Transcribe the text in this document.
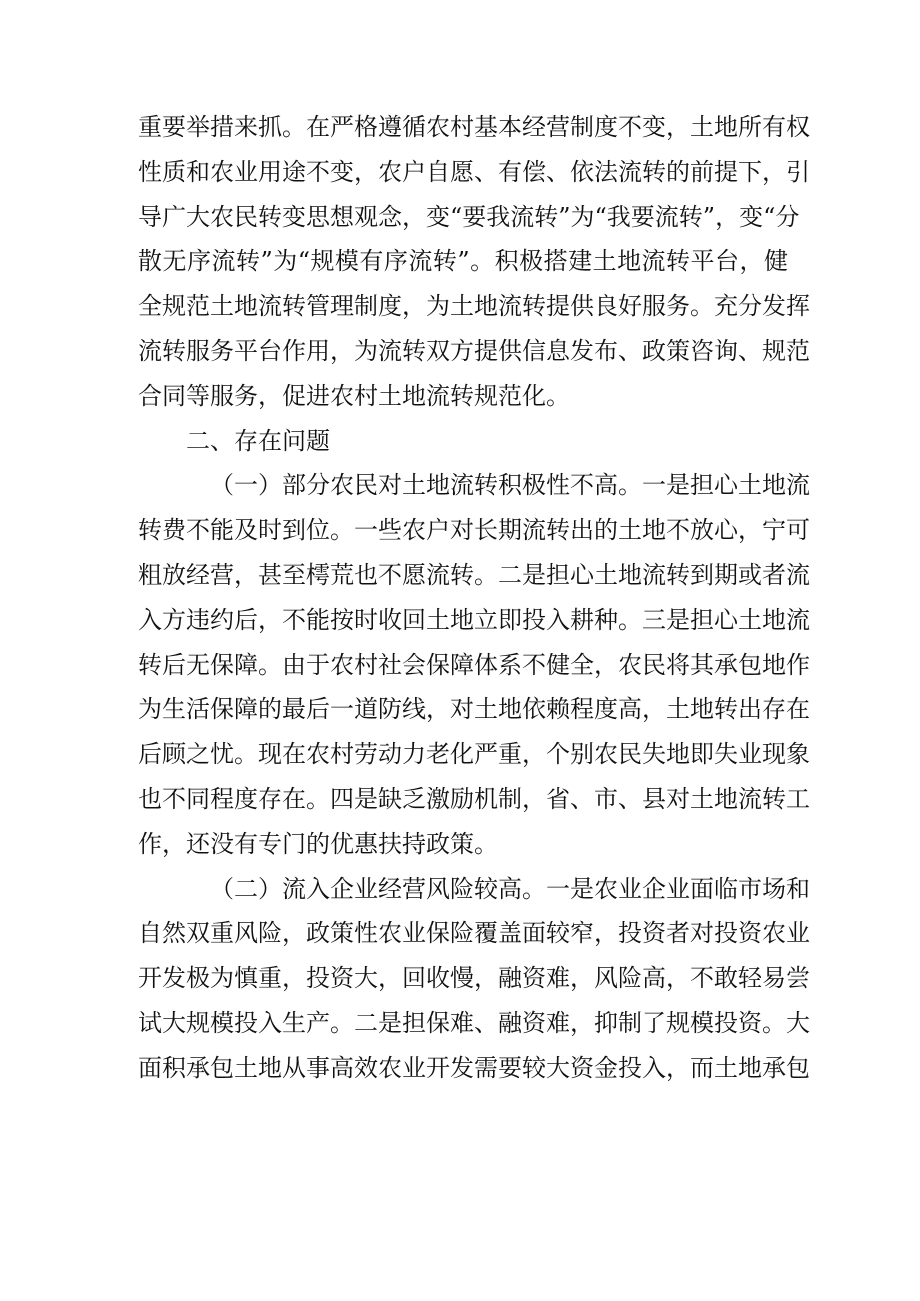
重要举措来抓。在严格遵循农村基本经营制度不变，土地所有权
性质和农业用途不变，农户自愿、有偿、依法流转的前提下，引
导广大农民转变思想观念，变“要我流转”为“我要流转”，变“分
散无序流转”为“规模有序流转”。积极搭建土地流转平台，健
全规范土地流转管理制度，为土地流转提供良好服务。充分发挥
流转服务平台作用，为流转双方提供信息发布、政策咨询、规范
合同等服务，促进农村土地流转规范化。
二、存在问题
（一）部分农民对土地流转积极性不高。一是担心土地流
转费不能及时到位。一些农户对长期流转出的土地不放心，宁可
粗放经营，甚至樗荒也不愿流转。二是担心土地流转到期或者流
入方违约后，不能按时收回土地立即投入耕种。三是担心土地流
转后无保障。由于农村社会保障体系不健全，农民将其承包地作
为生活保障的最后一道防线，对土地依赖程度高，土地转出存在
后顾之忧。现在农村劳动力老化严重，个别农民失地即失业现象
也不同程度存在。四是缺乏激励机制，省、市、县对土地流转工
作，还没有专门的优惠扶持政策。
（二）流入企业经营风险较高。一是农业企业面临市场和
自然双重风险，政策性农业保险覆盖面较窄，投资者对投资农业
开发极为慎重，投资大，回收慢，融资难，风险高，不敢轻易尝
试大规模投入生产。二是担保难、融资难，抑制了规模投资。大
面积承包土地从事高效农业开发需要较大资金投入，而土地承包
